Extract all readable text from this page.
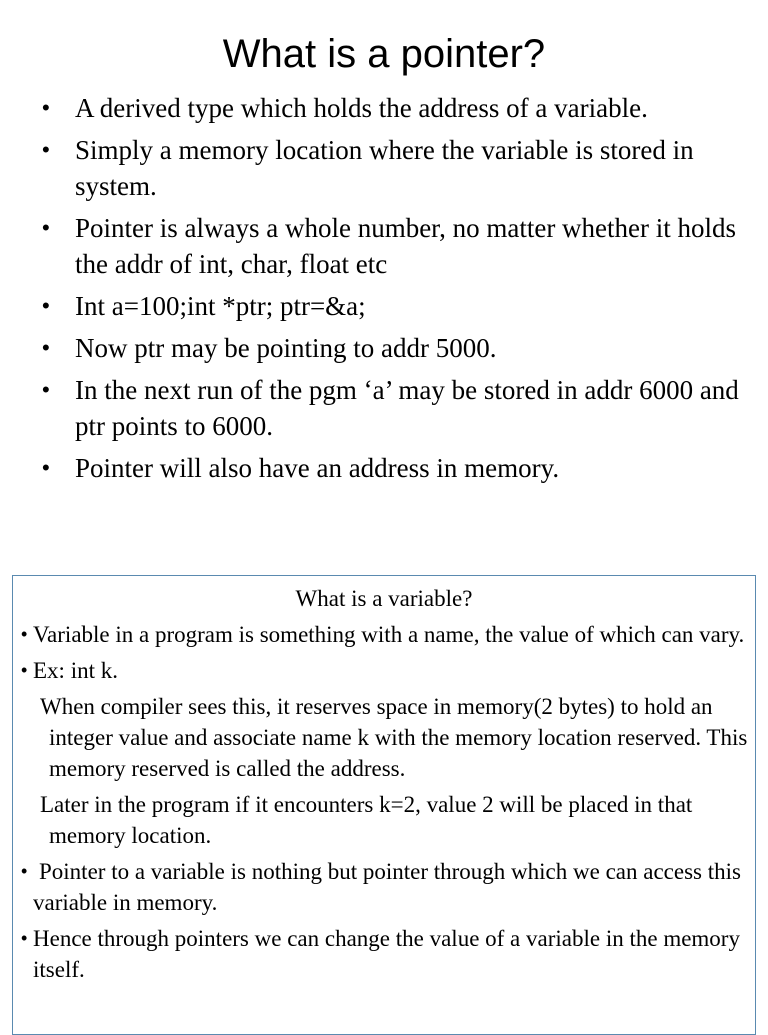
What is a pointer?
• A derived type which holds the address of a variable.
• Simply a memory location where the variable is stored in system.
• Pointer is always a whole number, no matter whether it holds the addr of int, char, float etc
• Int a=100;int *ptr; ptr=&a;
• Now ptr may be pointing to addr 5000.
• In the next run of the pgm ‘a’ may be stored in addr 6000 and ptr points to 6000.
• Pointer will also have an address in memory.
What is a variable?
• Variable in a program is something with a name, the value of which can vary.
• Ex: int k.
When compiler sees this, it reserves space in memory(2 bytes) to hold an integer value and associate name k with the memory location reserved. This memory reserved is called the address.
Later in the program if it encounters k=2, value 2 will be placed in that memory location.
• Pointer to a variable is nothing but pointer through which we can access this variable in memory.
• Hence through pointers we can change the value of a variable in the memory itself.
